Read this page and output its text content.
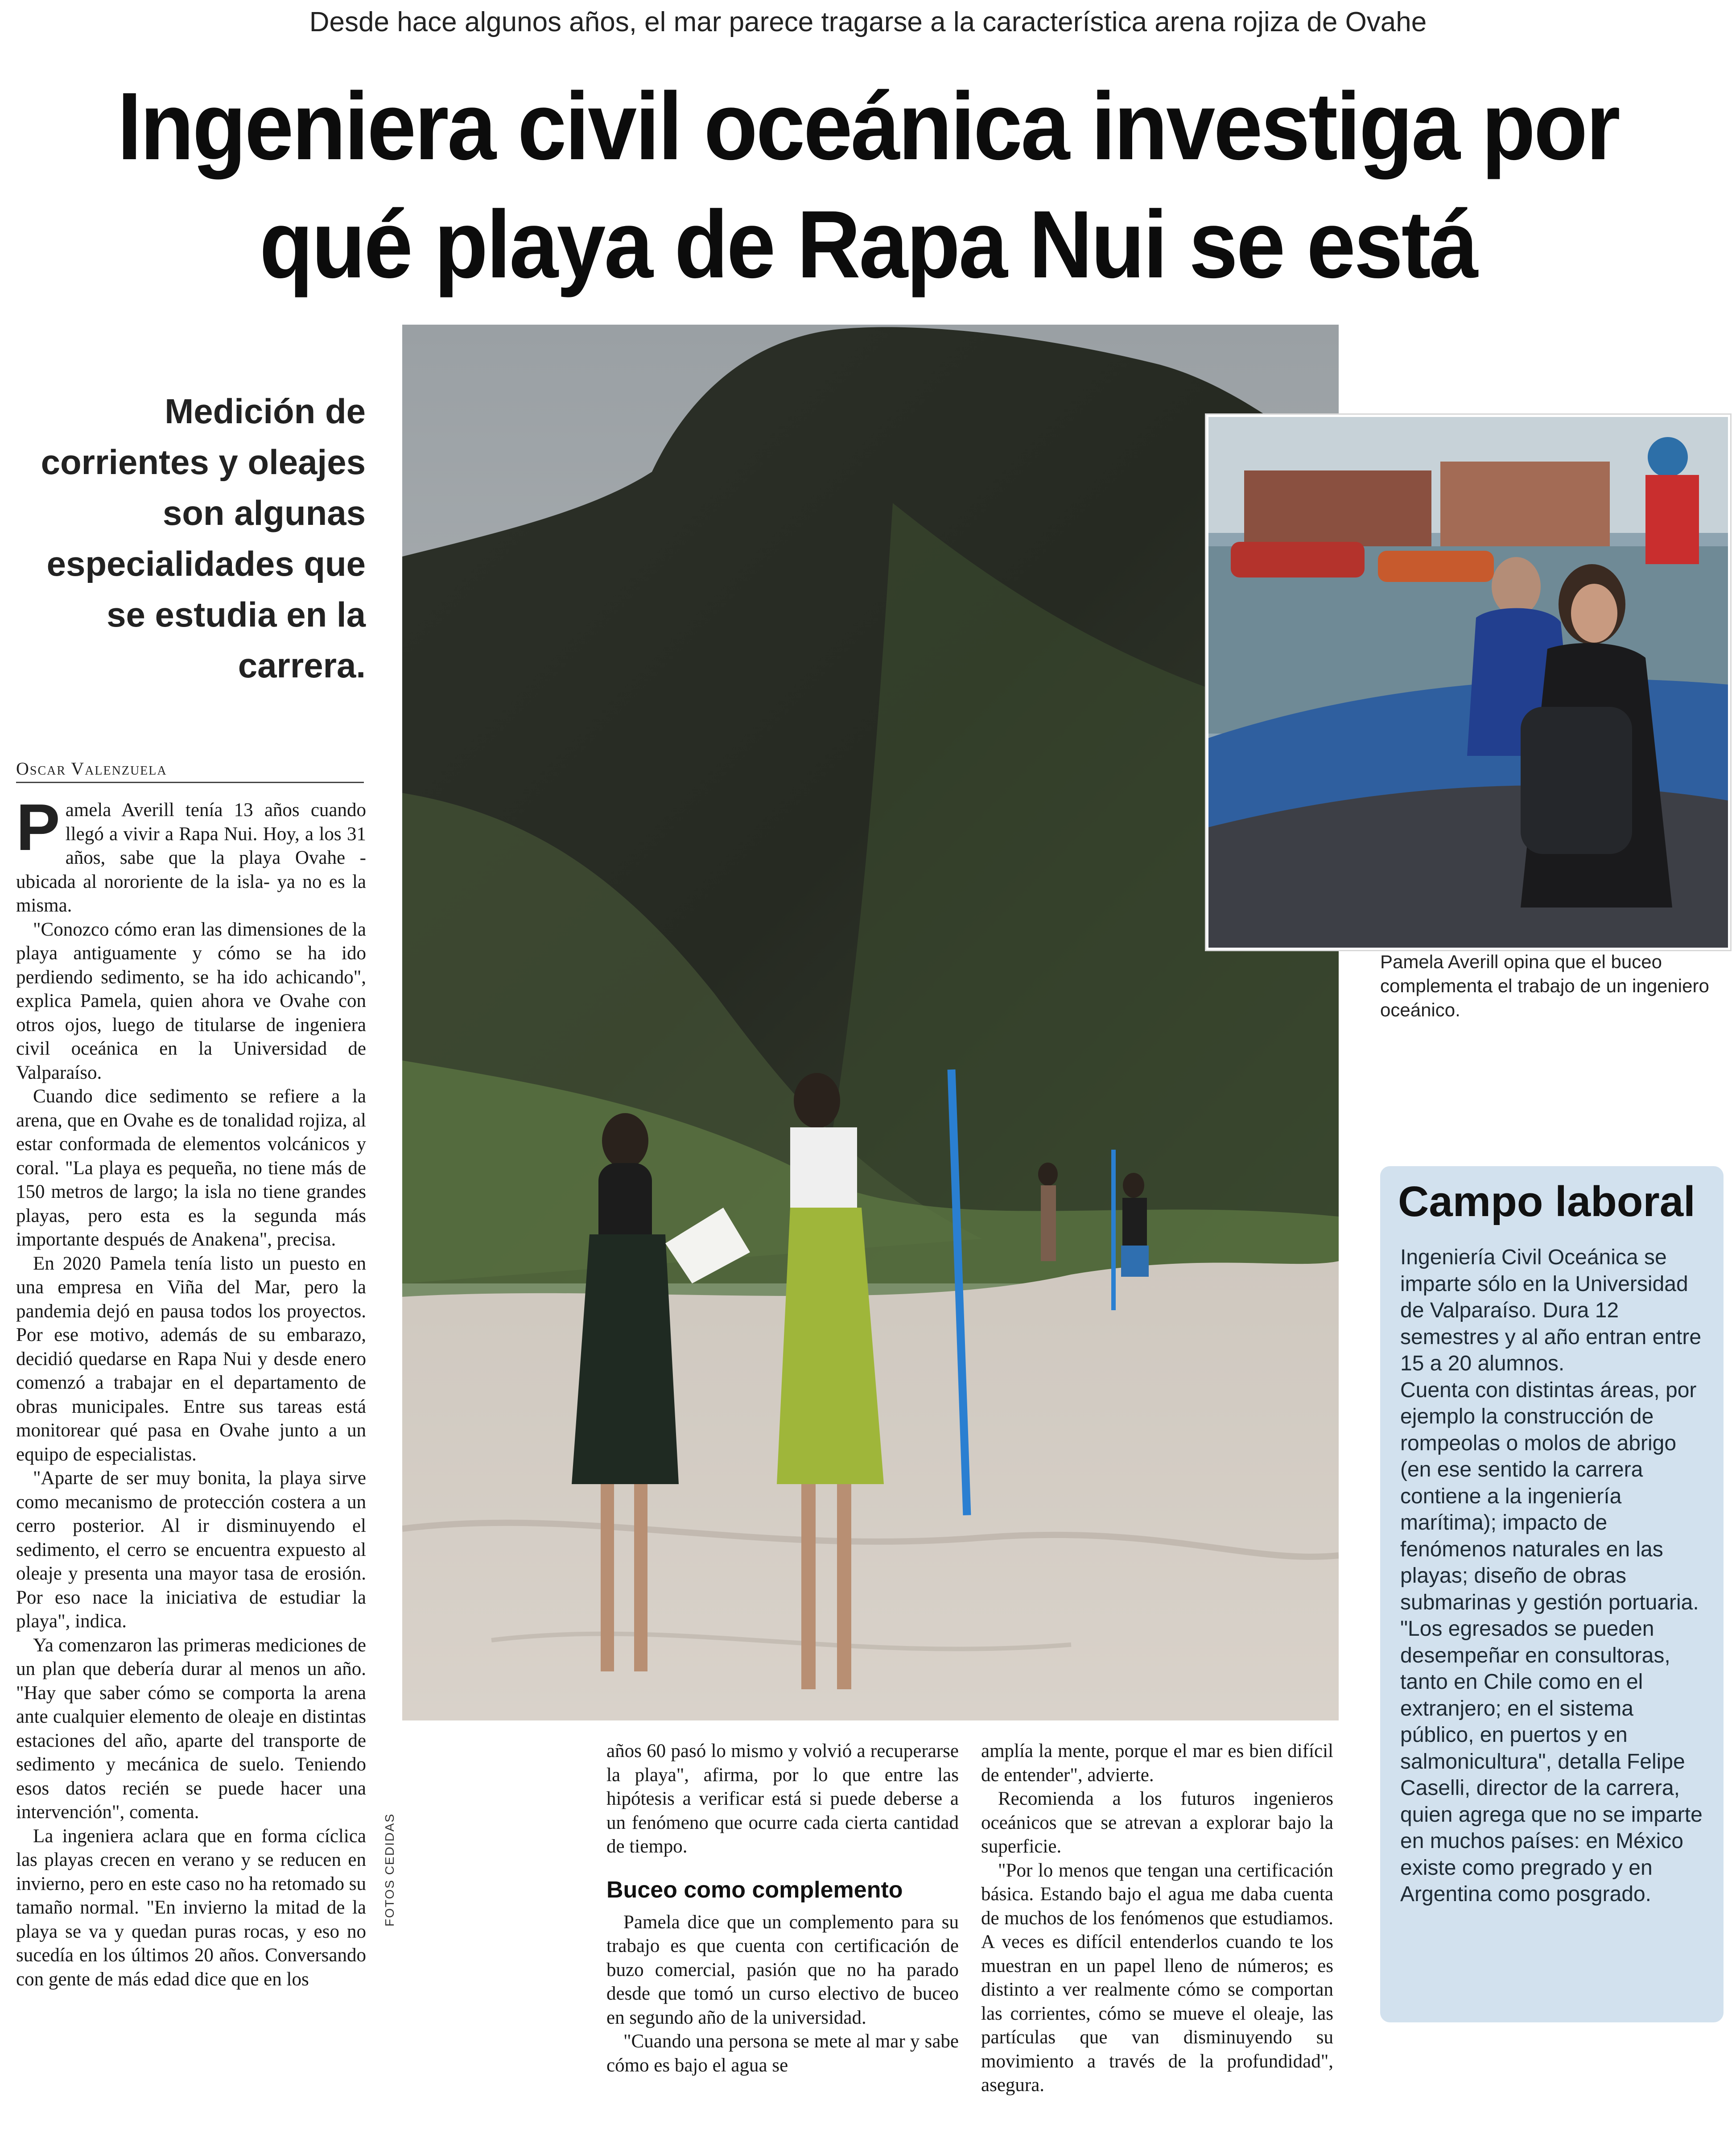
Desde hace algunos años, el mar parece tragarse a la característica arena rojiza de Ovahe
Ingeniera civil oceánica investiga por
qué playa de Rapa Nui se está
Medición de
corrientes y oleajes
son algunas
especialidades que
se estudia en la
carrera.
Oscar Valenzuela

Pamela Averill tenía 13 años cuando llegó a vivir a Rapa Nui. Hoy, a los 31 años, sabe que la playa Ovahe -ubicada al nororiente de la isla- ya no es la misma.

"Conozco cómo eran las dimensiones de la playa antiguamente y cómo se ha ido perdiendo sedimento, se ha ido achicando", explica Pamela, quien ahora ve Ovahe con otros ojos, luego de titularse de ingeniera civil oceánica en la Universidad de Valparaíso.

Cuando dice sedimento se refiere a la arena, que en Ovahe es de tonalidad rojiza, al estar conformada de elementos volcánicos y coral. "La playa es pequeña, no tiene más de 150 metros de largo; la isla no tiene grandes playas, pero esta es la segunda más importante después de Anakena", precisa.

En 2020 Pamela tenía listo un puesto en una empresa en Viña del Mar, pero la pandemia dejó en pausa todos los proyectos. Por ese motivo, además de su embarazo, decidió quedarse en Rapa Nui y desde enero comenzó a trabajar en el departamento de obras municipales. Entre sus tareas está monitorear qué pasa en Ovahe junto a un equipo de especialistas.

"Aparte de ser muy bonita, la playa sirve como mecanismo de protección costera a un cerro posterior. Al ir disminuyendo el sedimento, el cerro se encuentra expuesto al oleaje y presenta una mayor tasa de erosión. Por eso nace la iniciativa de estudiar la playa", indica.

Ya comenzaron las primeras mediciones de un plan que debería durar al menos un año. "Hay que saber cómo se comporta la arena ante cualquier elemento de oleaje en distintas estaciones del año, aparte del transporte de sedimento y mecánica de suelo. Teniendo esos datos recién se puede hacer una intervención", comenta.

La ingeniera aclara que en forma cíclica las playas crecen en verano y se reducen en invierno, pero en este caso no ha retomado su tamaño normal. "En invierno la mitad de la playa se va y quedan puras rocas, y eso no sucedía en los últimos 20 años. Conversando con gente de más edad dice que en los

FOTOS CEDIDAS
Pamela Averill opina que el buceo complementa el trabajo de un ingeniero oceánico.

años 60 pasó lo mismo y volvió a recuperarse la playa", afirma, por lo que entre las hipótesis a verificar está si puede deberse a un fenómeno que ocurre cada cierta cantidad de tiempo.

Buceo como complemento

Pamela dice que un complemento para su trabajo es que cuenta con certificación de buzo comercial, pasión que no ha parado desde que tomó un curso electivo de buceo en segundo año de la universidad.

"Cuando una persona se mete al mar y sabe cómo es bajo el agua se

amplía la mente, porque el mar es bien difícil de entender", advierte.

Recomienda a los futuros ingenieros oceánicos que se atrevan a explorar bajo la superficie.

"Por lo menos que tengan una certificación básica. Estando bajo el agua me daba cuenta de muchos de los fenómenos que estudiamos. A veces es difícil entenderlos cuando te los muestran en un papel lleno de números; es distinto a ver realmente cómo se comportan las corrientes, cómo se mueve el oleaje, las partículas que van disminuyendo su movimiento a través de la profundidad", asegura.

Campo laboral

Ingeniería Civil Oceánica se imparte sólo en la Universidad de Valparaíso. Dura 12 semestres y al año entran entre 15 a 20 alumnos.

Cuenta con distintas áreas, por ejemplo la construcción de rompeolas o molos de abrigo (en ese sentido la carrera contiene a la ingeniería marítima); impacto de fenómenos naturales en las playas; diseño de obras submarinas y gestión portuaria.

"Los egresados se pueden desempeñar en consultoras, tanto en Chile como en el extranjero; en el sistema público, en puertos y en salmonicultura", detalla Felipe Caselli, director de la carrera, quien agrega que no se imparte en muchos países: en México existe como pregrado y en Argentina como posgrado.
